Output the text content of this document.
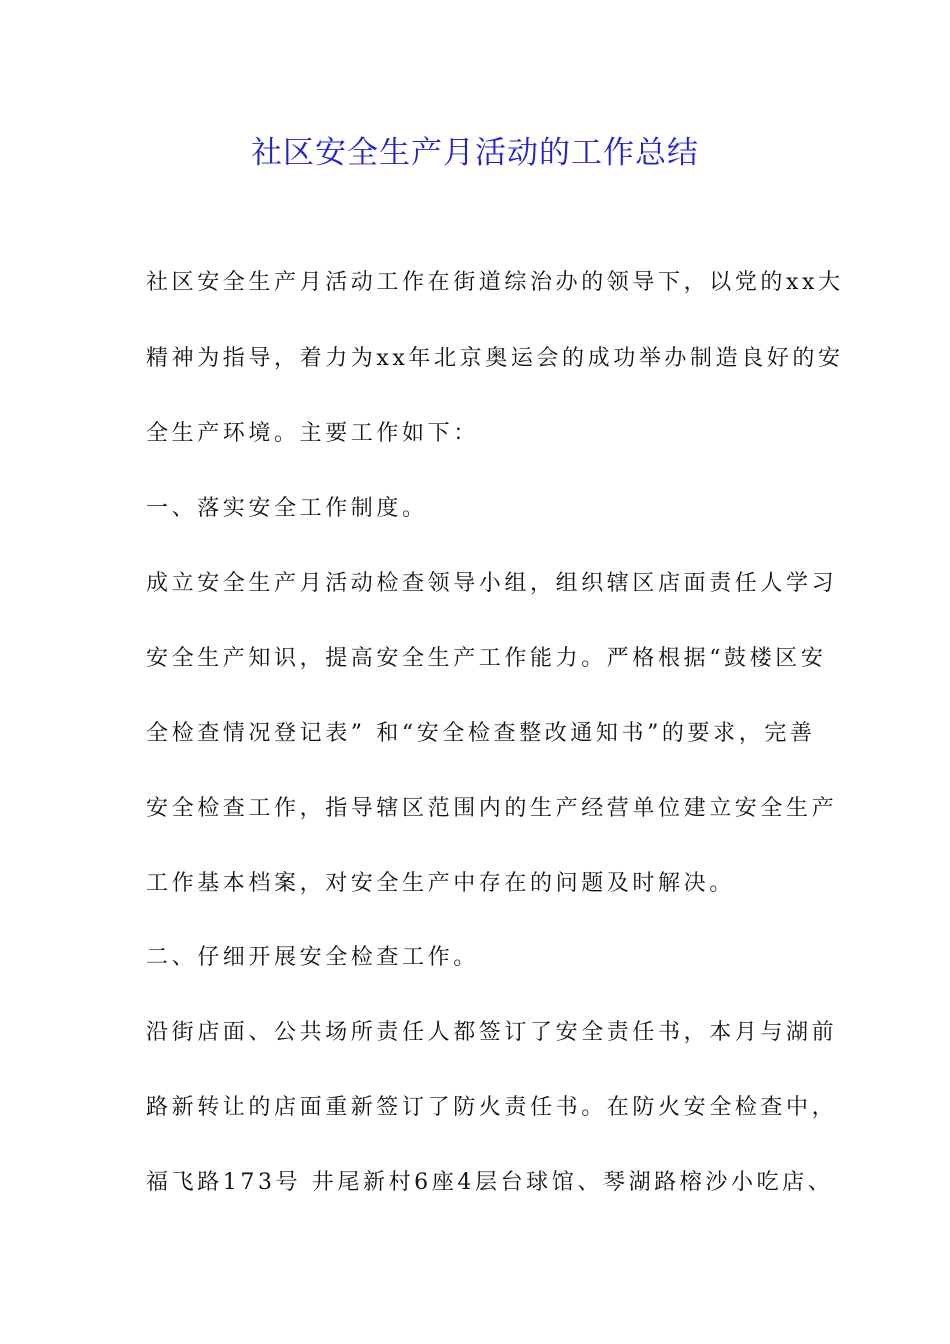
社区安全生产月活动的工作总结
社区安全生产月活动工作在街道综治办的领导下，以党的xx大
精神为指导，着力为xx年北京奥运会的成功举办制造良好的安
全生产环境。主要工作如下：
一、落实安全工作制度。
成立安全生产月活动检查领导小组，组织辖区店面责任人学习
安全生产知识，提高安全生产工作能力。严格根据“鼓楼区安
全检查情况登记表” 和“安全检查整改通知书”的要求，完善
安全检查工作，指导辖区范围内的生产经营单位建立安全生产
工作基本档案，对安全生产中存在的问题及时解决。
二、仔细开展安全检查工作。
沿街店面、公共场所责任人都签订了安全责任书，本月与湖前
路新转让的店面重新签订了防火责任书。在防火安全检查中，
福飞路173号 井尾新村6座4层台球馆、琴湖路榕沙小吃店、
